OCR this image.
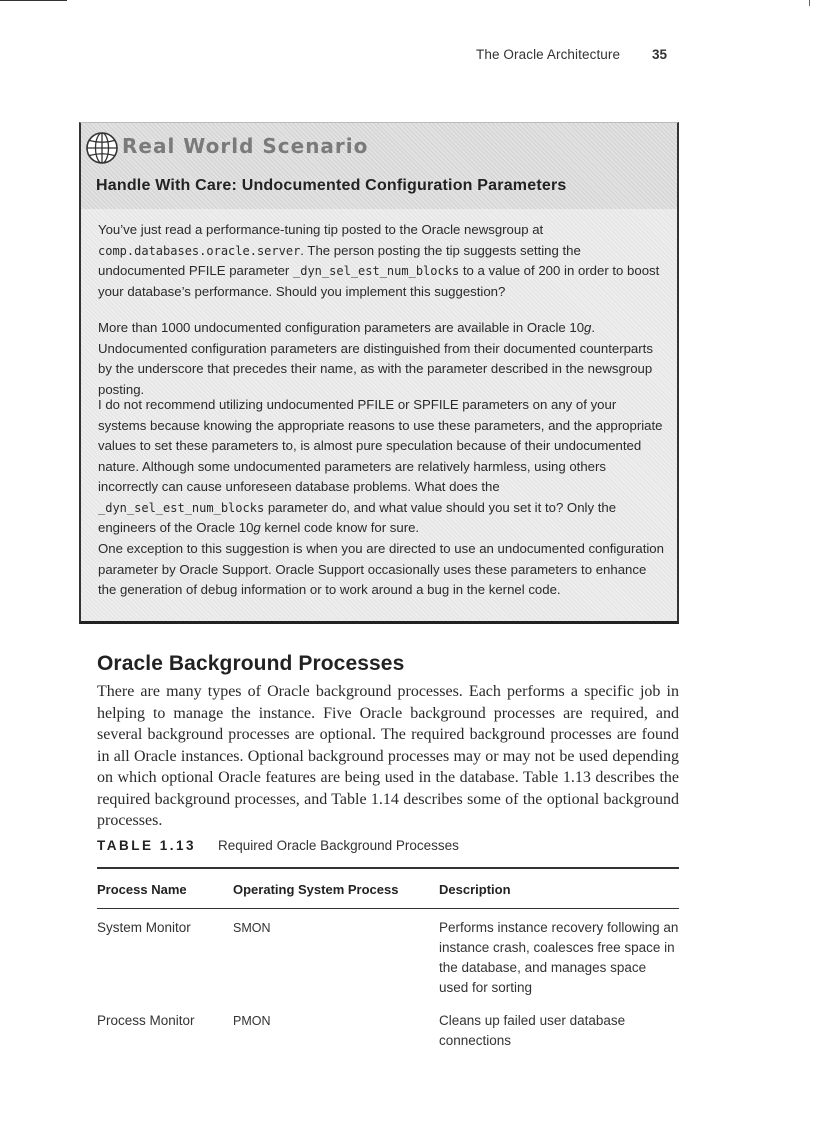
The Oracle Architecture 35
Real World Scenario
Handle With Care: Undocumented Configuration Parameters

You’ve just read a performance-tuning tip posted to the Oracle newsgroup at comp.databases.oracle.server. The person posting the tip suggests setting the undocumented PFILE parameter _dyn_sel_est_num_blocks to a value of 200 in order to boost your database’s performance. Should you implement this suggestion?

More than 1000 undocumented configuration parameters are available in Oracle 10g. Undocumented configuration parameters are distinguished from their documented counterparts by the underscore that precedes their name, as with the parameter described in the newsgroup posting.

I do not recommend utilizing undocumented PFILE or SPFILE parameters on any of your systems because knowing the appropriate reasons to use these parameters, and the appropriate values to set these parameters to, is almost pure speculation because of their undocumented nature. Although some undocumented parameters are relatively harmless, using others incorrectly can cause unforeseen database problems. What does the _dyn_sel_est_num_blocks parameter do, and what value should you set it to? Only the engineers of the Oracle 10g kernel code know for sure.

One exception to this suggestion is when you are directed to use an undocumented configuration parameter by Oracle Support. Oracle Support occasionally uses these parameters to enhance the generation of debug information or to work around a bug in the kernel code.

Oracle Background Processes

There are many types of Oracle background processes. Each performs a specific job in helping to manage the instance. Five Oracle background processes are required, and several background processes are optional. The required background processes are found in all Oracle instances. Optional background processes may or may not be used depending on which optional Oracle features are being used in the database. Table 1.13 describes the required background processes, and Table 1.14 describes some of the optional background processes.

TABLE 1.13 Required Oracle Background Processes
Process Name	Operating System Process	Description

System Monitor	SMON	Performs instance recovery following an instance crash, coalesces free space in the database, and manages space used for sorting

Process Monitor	PMON	Cleans up failed user database connections
